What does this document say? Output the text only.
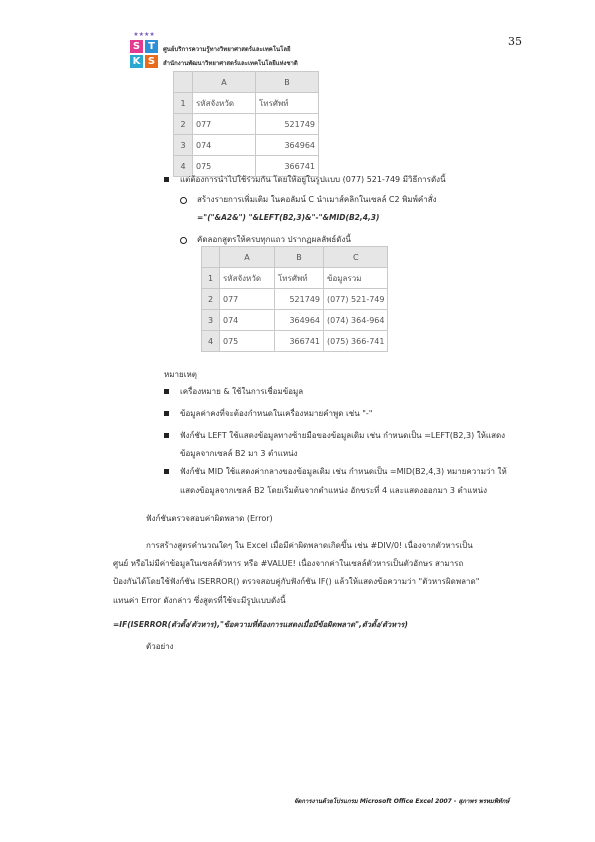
35
★★★★
S T
K S
ศูนย์บริการความรู้ทางวิทยาศาสตร์และเทคโนโลยี
สำนักงานพัฒนาวิทยาศาสตร์และเทคโนโลยีแห่งชาติ
	A	B
1	รหัสจังหวัด	โทรศัพท์
2	077	521749
3	074	364964
4	075	366741
แต่ต้องการนำไปใช้ร่วมกัน โดยให้อยู่ในรูปแบบ (077) 521-749 มีวิธีการดังนี้
สร้างรายการเพิ่มเติม ในคอลัมน์ C นำเมาส์คลิกในเซลล์ C2 พิมพ์คำสั่ง
="("&A2&") "&LEFT(B2,3)&"-"&MID(B2,4,3)
คัดลอกสูตรให้ครบทุกแถว ปรากฏผลลัพธ์ดังนี้
	A	B	C
1	รหัสจังหวัด	โทรศัพท์	ข้อมูลรวม
2	077	521749	(077) 521-749
3	074	364964	(074) 364-964
4	075	366741	(075) 366-741
หมายเหตุ
เครื่องหมาย & ใช้ในการเชื่อมข้อมูล
ข้อมูลค่าคงที่จะต้องกำหนดในเครื่องหมายคำพูด เช่น "-"
ฟังก์ชัน LEFT ใช้แสดงข้อมูลทางซ้ายมือของข้อมูลเดิม เช่น กำหนดเป็น =LEFT(B2,3) ให้แสดง
ข้อมูลจากเซลล์ B2 มา 3 ตำแหน่ง
ฟังก์ชัน MID ใช้แสดงค่ากลางของข้อมูลเดิม เช่น กำหนดเป็น =MID(B2,4,3) หมายความว่า ให้
แสดงข้อมูลจากเซลล์ B2 โดยเริ่มต้นจากตำแหน่ง อักขระที่ 4 และแสดงออกมา 3 ตำแหน่ง
ฟังก์ชันตรวจสอบค่าผิดพลาด (Error)
การสร้างสูตรคำนวณใดๆ ใน Excel เมื่อมีค่าผิดพลาดเกิดขึ้น เช่น #DIV/0! เนื่องจากตัวหารเป็น
ศูนย์ หรือไม่มีค่าข้อมูลในเซลล์ตัวหาร หรือ #VALUE! เนื่องจากค่าในเซลล์ตัวหารเป็นตัวอักษร สามารถ
ป้องกันได้โดยใช้ฟังก์ชัน ISERROR() ตรวจสอบคู่กับฟังก์ชัน IF() แล้วให้แสดงข้อความว่า "ตัวหารผิดพลาด"
แทนค่า Error ดังกล่าว ซึ่งสูตรที่ใช้จะมีรูปแบบดังนี้
=IF(ISERROR(ตัวตั้ง/ตัวหาร),"ข้อความที่ต้องการแสดงเมื่อมีข้อผิดพลาด",ตัวตั้ง/ตัวหาร)
ตัวอย่าง
จัดการงานด้วยโปรแกรม Microsoft Office Excel 2007 - สุภาพร พรหมพิทักษ์
